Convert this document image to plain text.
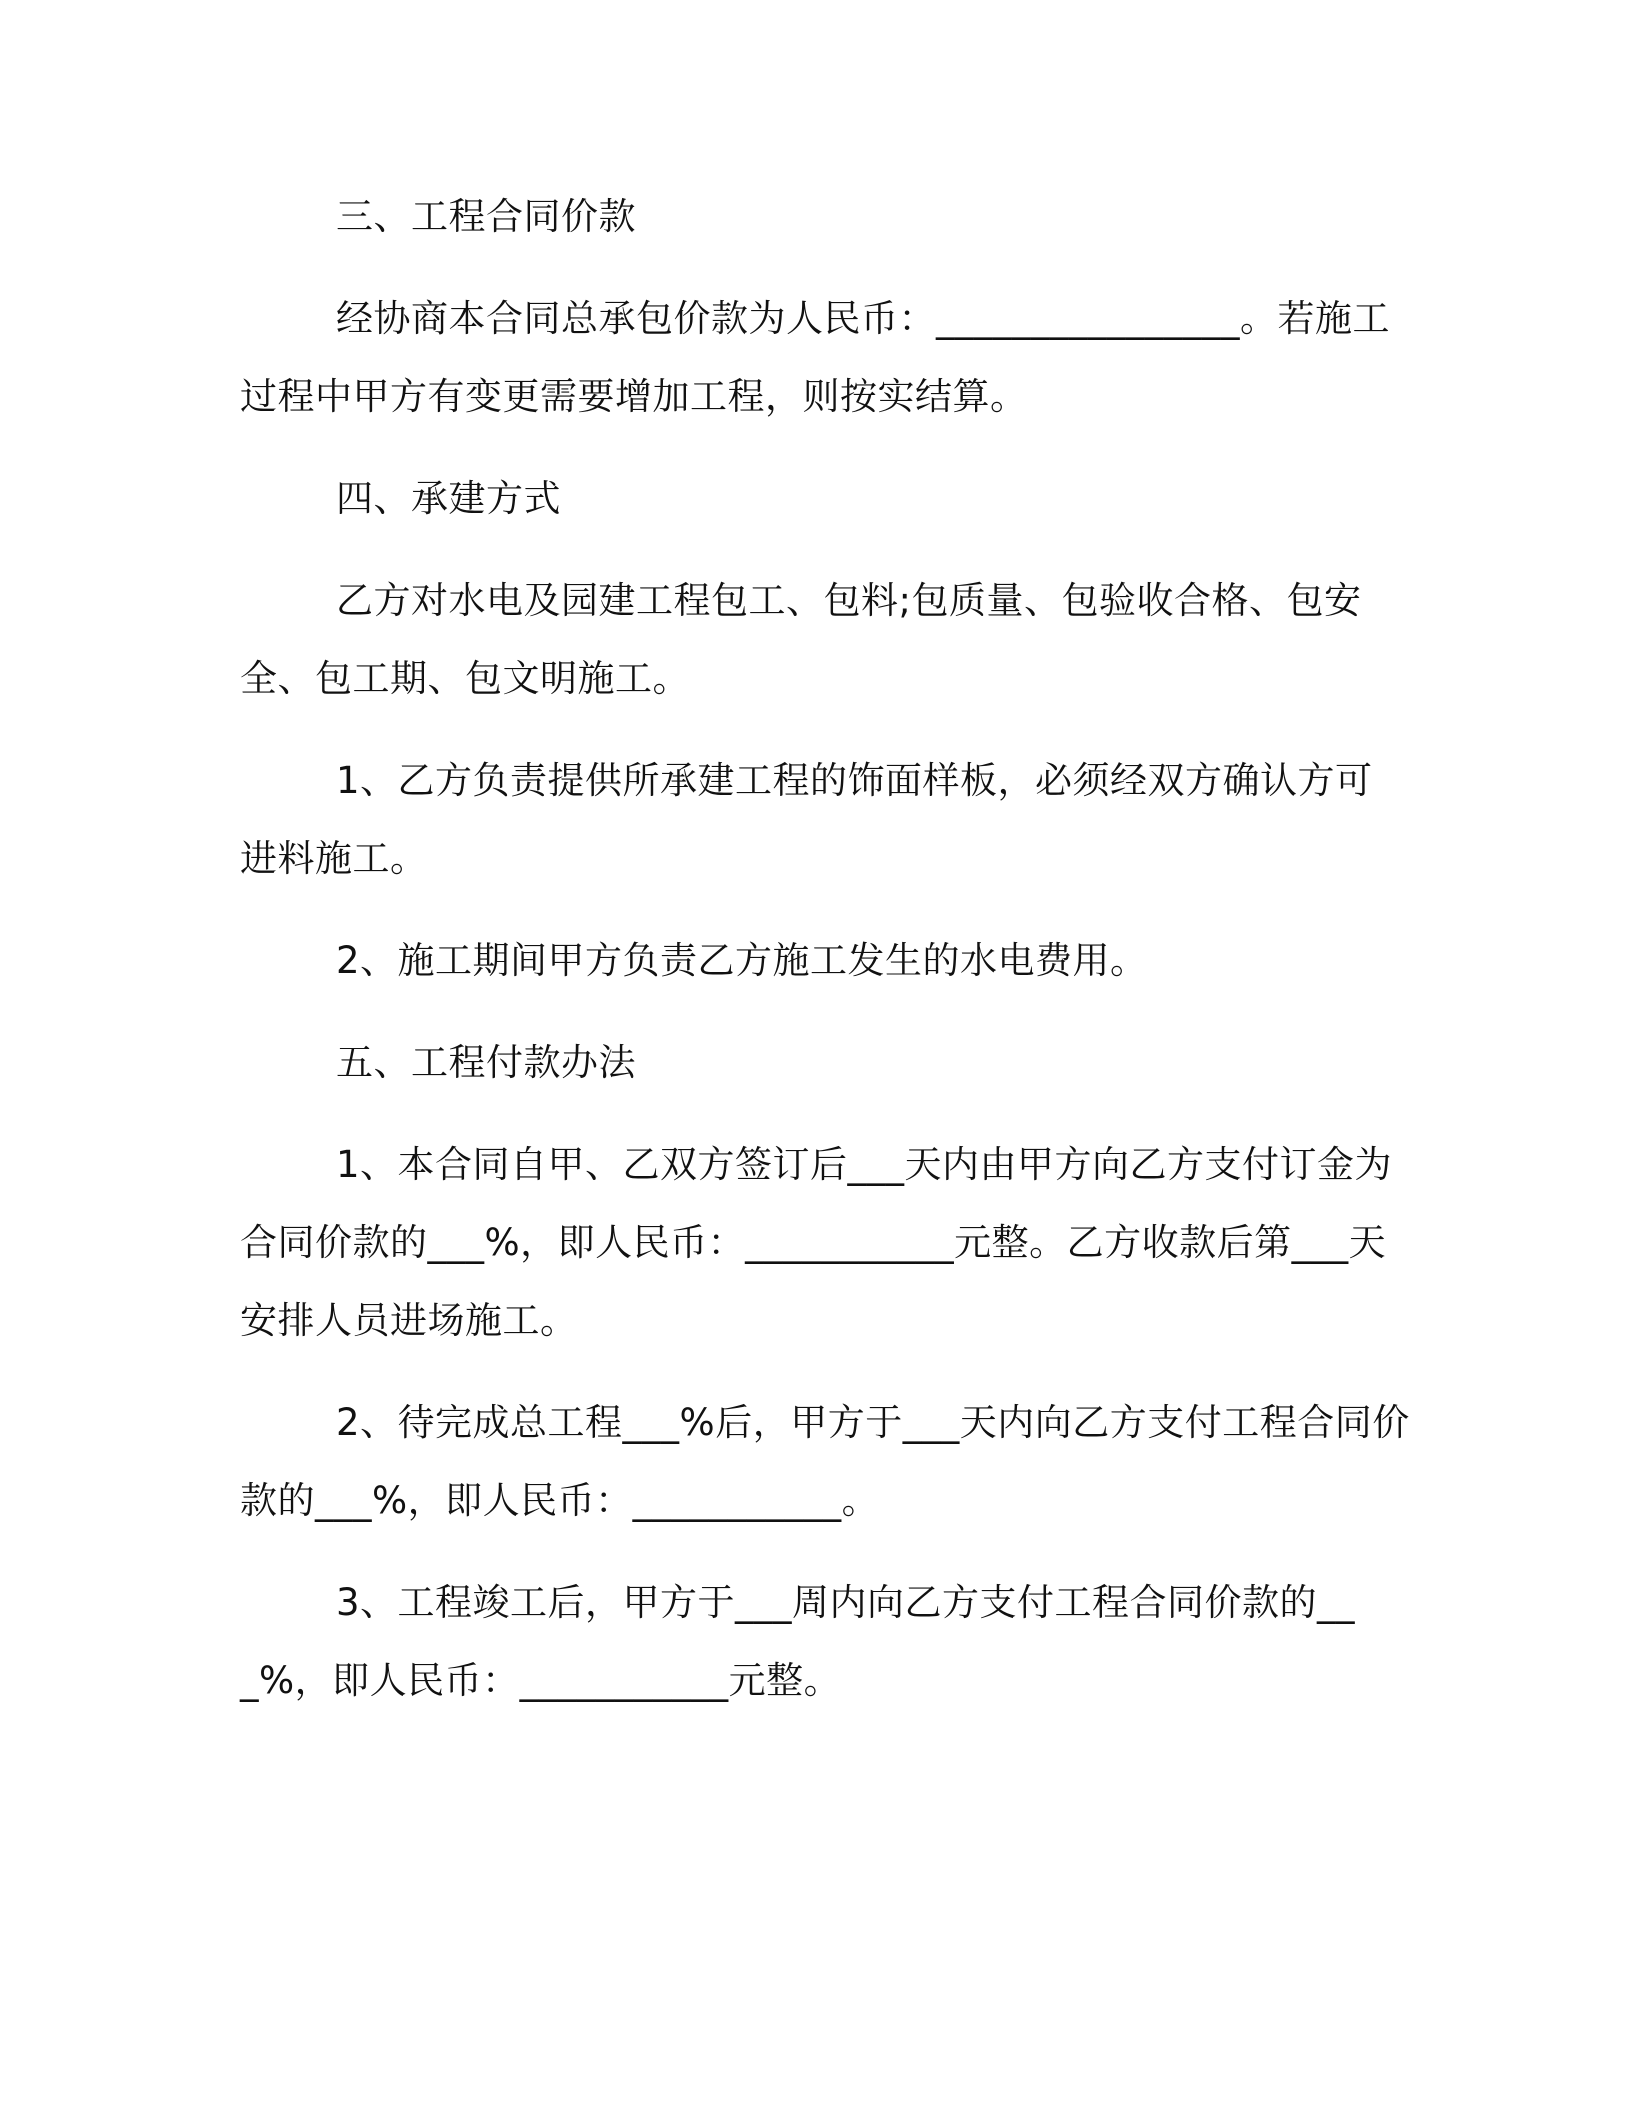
三、工程合同价款

经协商本合同总承包价款为人民币：________________。若施工过程中甲方有变更需要增加工程，则按实结算。

四、承建方式

乙方对水电及园建工程包工、包料;包质量、包验收合格、包安全、包工期、包文明施工。

1、乙方负责提供所承建工程的饰面样板，必须经双方确认方可进料施工。

2、施工期间甲方负责乙方施工发生的水电费用。

五、工程付款办法

1、本合同自甲、乙双方签订后___天内由甲方向乙方支付订金为合同价款的___%，即人民币：___________元整。乙方收款后第___天安排人员进场施工。

2、待完成总工程___%后，甲方于___天内向乙方支付工程合同价款的___%，即人民币：___________。

3、工程竣工后，甲方于___周内向乙方支付工程合同价款的___%，即人民币：___________元整。
